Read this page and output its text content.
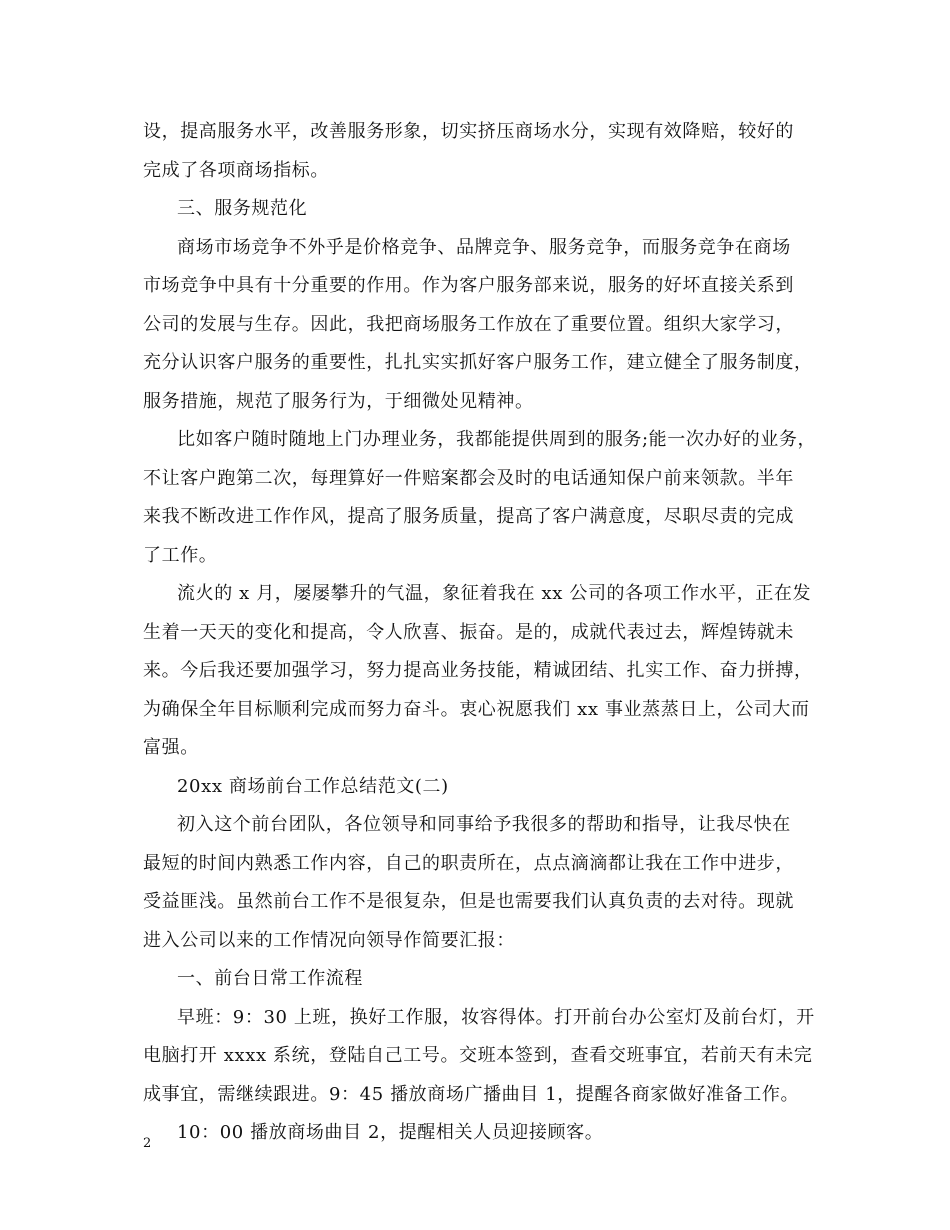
设，提高服务水平，改善服务形象，切实挤压商场水分，实现有效降赔，较好的
完成了各项商场指标。
三、服务规范化
商场市场竞争不外乎是价格竞争、品牌竞争、服务竞争，而服务竞争在商场
市场竞争中具有十分重要的作用。作为客户服务部来说，服务的好坏直接关系到
公司的发展与生存。因此，我把商场服务工作放在了重要位置。组织大家学习，
充分认识客户服务的重要性，扎扎实实抓好客户服务工作，建立健全了服务制度，
服务措施，规范了服务行为，于细微处见精神。
比如客户随时随地上门办理业务，我都能提供周到的服务;能一次办好的业务，
不让客户跑第二次，每理算好一件赔案都会及时的电话通知保户前来领款。半年
来我不断改进工作作风，提高了服务质量，提高了客户满意度，尽职尽责的完成
了工作。
流火的 x 月，屡屡攀升的气温，象征着我在 xx 公司的各项工作水平，正在发
生着一天天的变化和提高，令人欣喜、振奋。是的，成就代表过去，辉煌铸就未
来。今后我还要加强学习，努力提高业务技能，精诚团结、扎实工作、奋力拼搏，
为确保全年目标顺利完成而努力奋斗。衷心祝愿我们 xx 事业蒸蒸日上，公司大而
富强。
20xx 商场前台工作总结范文(二)
初入这个前台团队，各位领导和同事给予我很多的帮助和指导，让我尽快在
最短的时间内熟悉工作内容，自己的职责所在，点点滴滴都让我在工作中进步，
受益匪浅。虽然前台工作不是很复杂，但是也需要我们认真负责的去对待。现就
进入公司以来的工作情况向领导作简要汇报：
一、前台日常工作流程
早班：9：30 上班，换好工作服，妆容得体。打开前台办公室灯及前台灯，开
电脑打开 xxxx 系统，登陆自己工号。交班本签到，查看交班事宜，若前天有未完
成事宜，需继续跟进。9：45 播放商场广播曲目 1，提醒各商家做好准备工作。
10：00 播放商场曲目 2，提醒相关人员迎接顾客。
2
